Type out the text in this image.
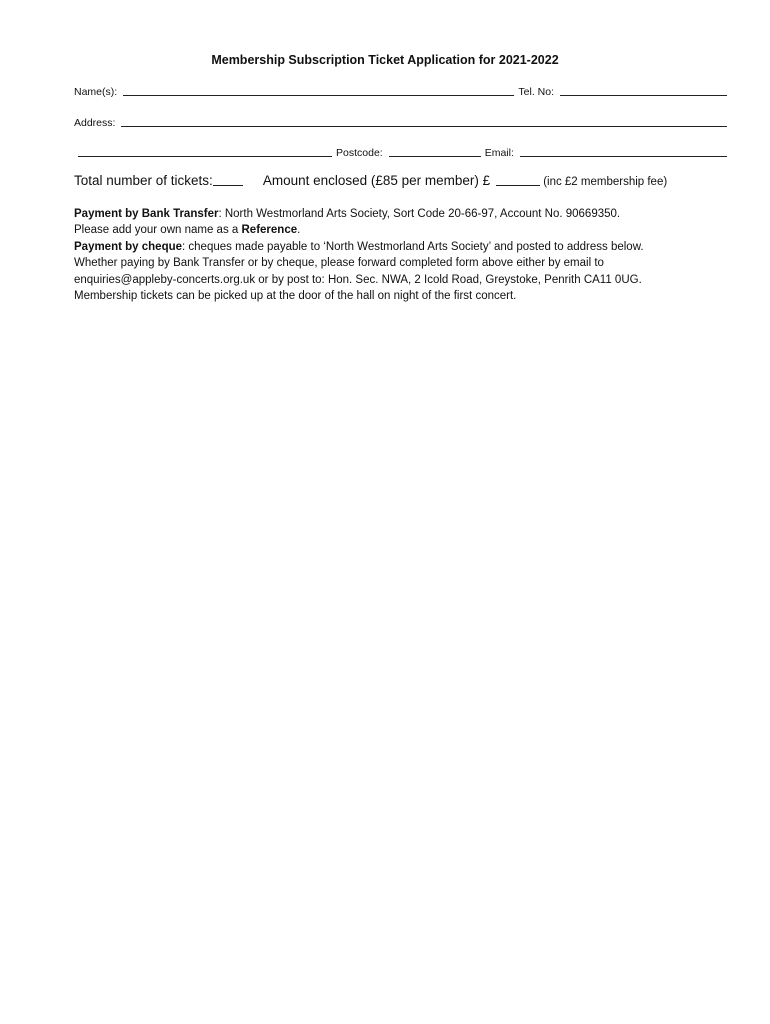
Membership Subscription Ticket Application for 2021-2022
Name(s):	Tel. No:
Address:
Postcode:	Email:
Total number of tickets:	Amount enclosed (£85 per member) £	(inc £2 membership fee)

Payment by Bank Transfer: North Westmorland Arts Society, Sort Code 20-66-97, Account No. 90669350.

Please add your own name as a Reference.

Payment by cheque: cheques made payable to ‘North Westmorland Arts Society’ and posted to address below.

Whether paying by Bank Transfer or by cheque, please forward completed form above either by email to enquiries@appleby-concerts.org.uk or by post to: Hon. Sec. NWA, 2 Icold Road, Greystoke, Penrith CA11 0UG. Membership tickets can be picked up at the door of the hall on night of the first concert.
